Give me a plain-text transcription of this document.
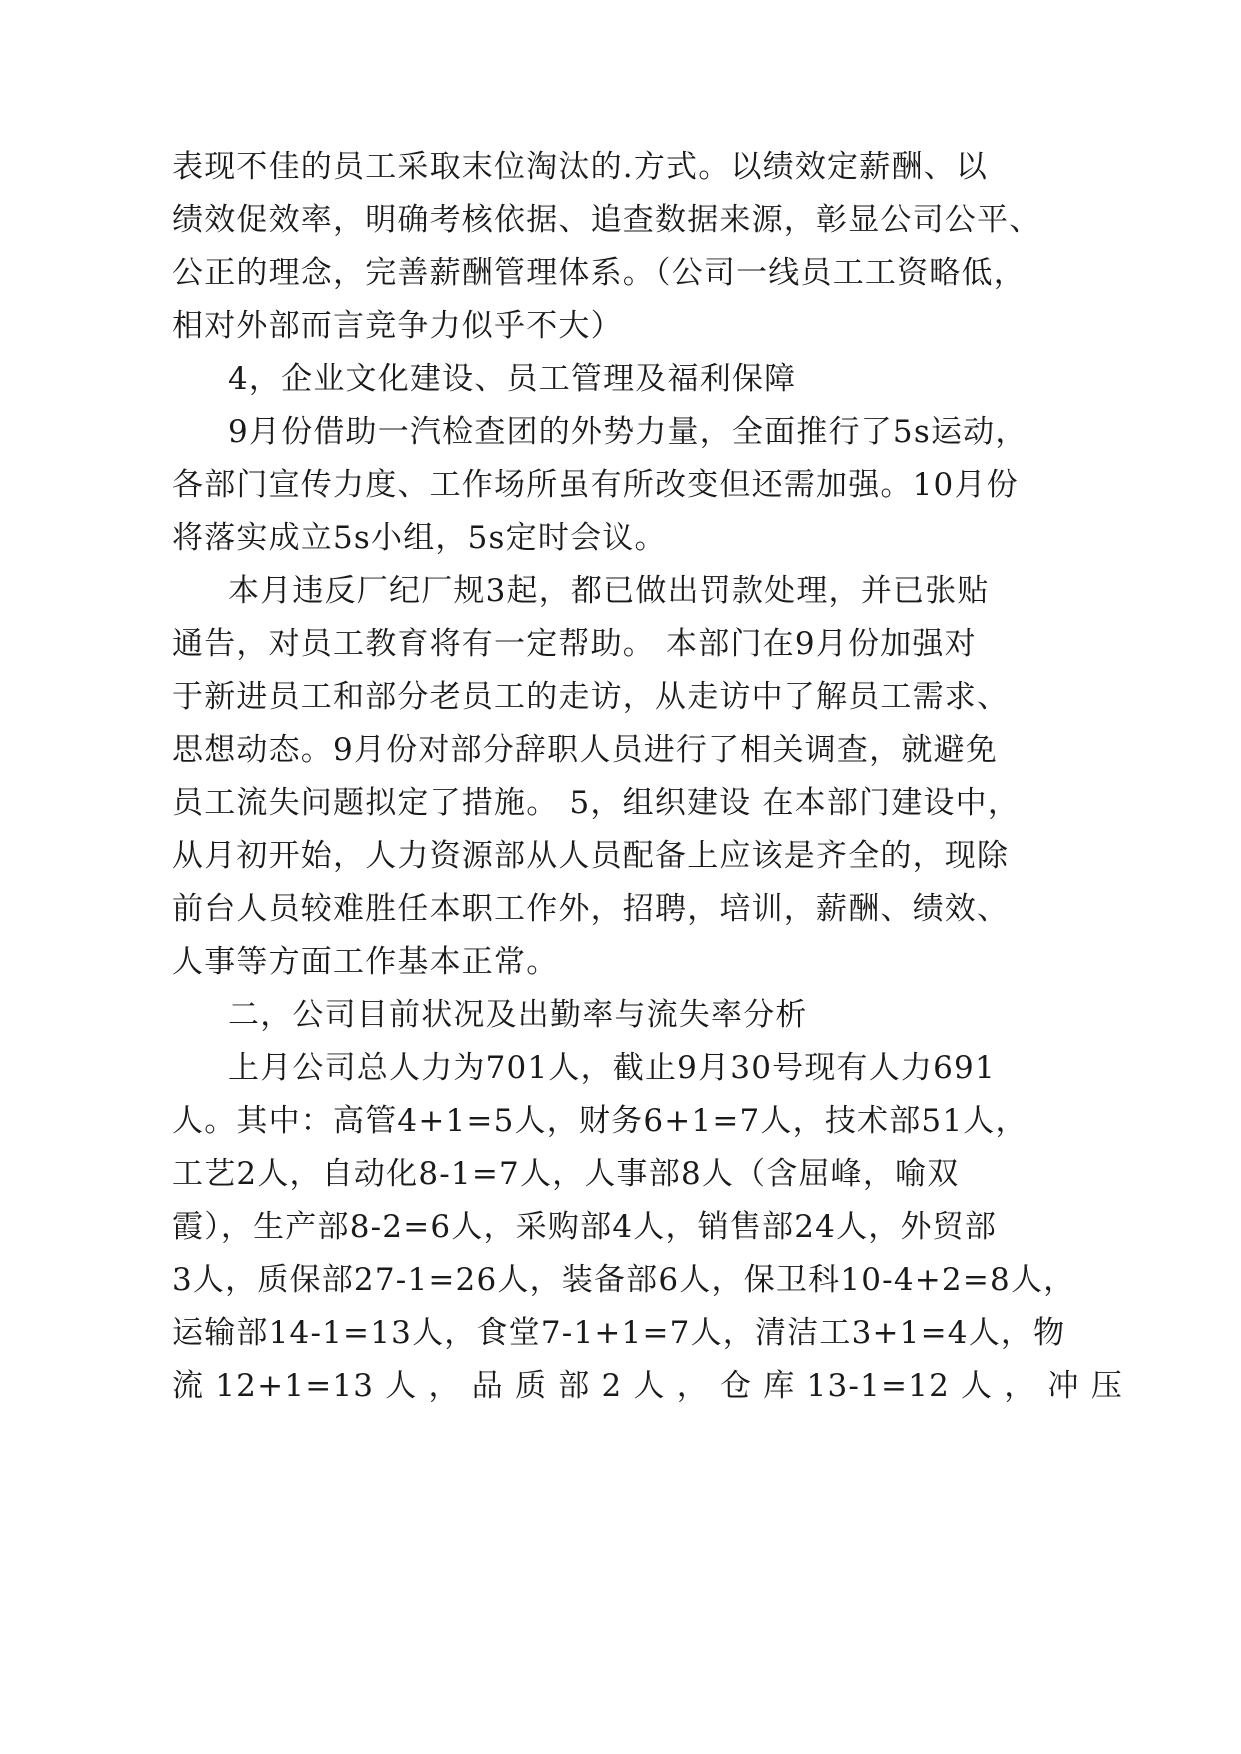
表现不佳的员工采取末位淘汰的.方式。以绩效定薪酬、以
绩效促效率，明确考核依据、追查数据来源，彰显公司公平、
公正的理念，完善薪酬管理体系。（公司一线员工工资略低，
相对外部而言竞争力似乎不大）
4，企业文化建设、员工管理及福利保障
9月份借助一汽检查团的外势力量，全面推行了5s运动，
各部门宣传力度、工作场所虽有所改变但还需加强。10月份
将落实成立5s小组，5s定时会议。
本月违反厂纪厂规3起，都已做出罚款处理，并已张贴
通告，对员工教育将有一定帮助。 本部门在9月份加强对
于新进员工和部分老员工的走访，从走访中了解员工需求、
思想动态。9月份对部分辞职人员进行了相关调查，就避免
员工流失问题拟定了措施。 5，组织建设 在本部门建设中，
从月初开始，人力资源部从人员配备上应该是齐全的，现除
前台人员较难胜任本职工作外，招聘，培训，薪酬、绩效、
人事等方面工作基本正常。
二，公司目前状况及出勤率与流失率分析
上月公司总人力为701人，截止9月30号现有人力691
人。其中：高管4+1=5人，财务6+1=7人，技术部51人，
工艺2人，自动化8-1=7人，人事部8人（含屈峰，喻双
霞），生产部8-2=6人，采购部4人，销售部24人，外贸部
3人，质保部27-1=26人，装备部6人，保卫科10-4+2=8人，
运输部14-1=13人，食堂7-1+1=7人，清洁工3+1=4人，物
流 12+1=13 人 ， 品 质 部 2 人 ， 仓 库 13-1=12 人 ， 冲 压
